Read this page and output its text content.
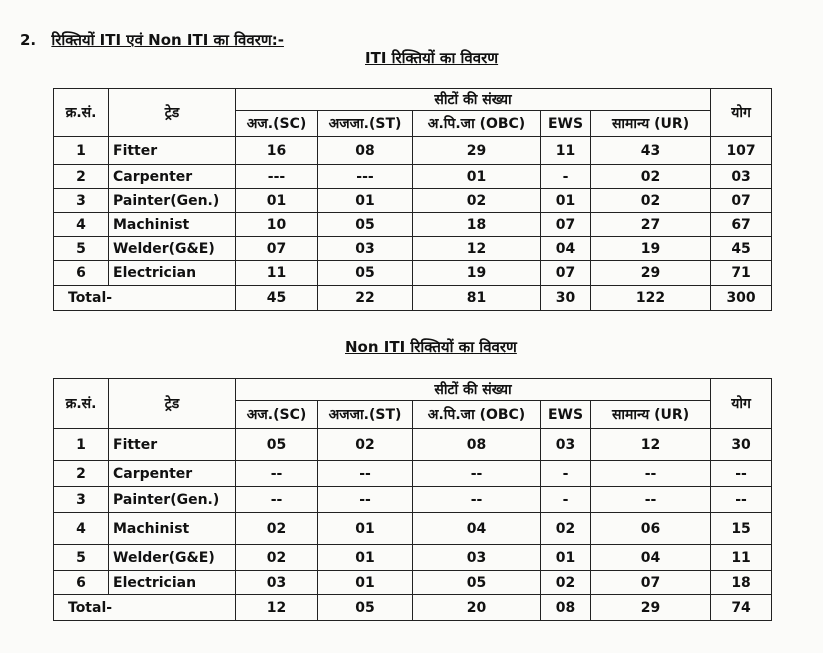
2. रिक्तियों ITI एवं Non ITI का विवरण:-
ITI रिक्तियों का विवरण
क्र.सं.	ट्रेड	सीटों की संख्या					योग
		अज.(SC)	अजजा.(ST)	अ.पि.जा (OBC)	EWS	सामान्य (UR)	
1	Fitter	16	08	29	11	43	107
2	Carpenter	---	---	01	-	02	03
3	Painter(Gen.)	01	01	02	01	02	07
4	Machinist	10	05	18	07	27	67
5	Welder(G&E)	07	03	12	04	19	45
6	Electrician	11	05	19	07	29	71
Total-		45	22	81	30	122	300
Non ITI रिक्तियों का विवरण
क्र.सं.	ट्रेड	सीटों की संख्या					योग
		अज.(SC)	अजजा.(ST)	अ.पि.जा (OBC)	EWS	सामान्य (UR)	
1	Fitter	05	02	08	03	12	30
2	Carpenter	--	--	--	-	--	--
3	Painter(Gen.)	--	--	--	-	--	--
4	Machinist	02	01	04	02	06	15
5	Welder(G&E)	02	01	03	01	04	11
6	Electrician	03	01	05	02	07	18
Total-		12	05	20	08	29	74
